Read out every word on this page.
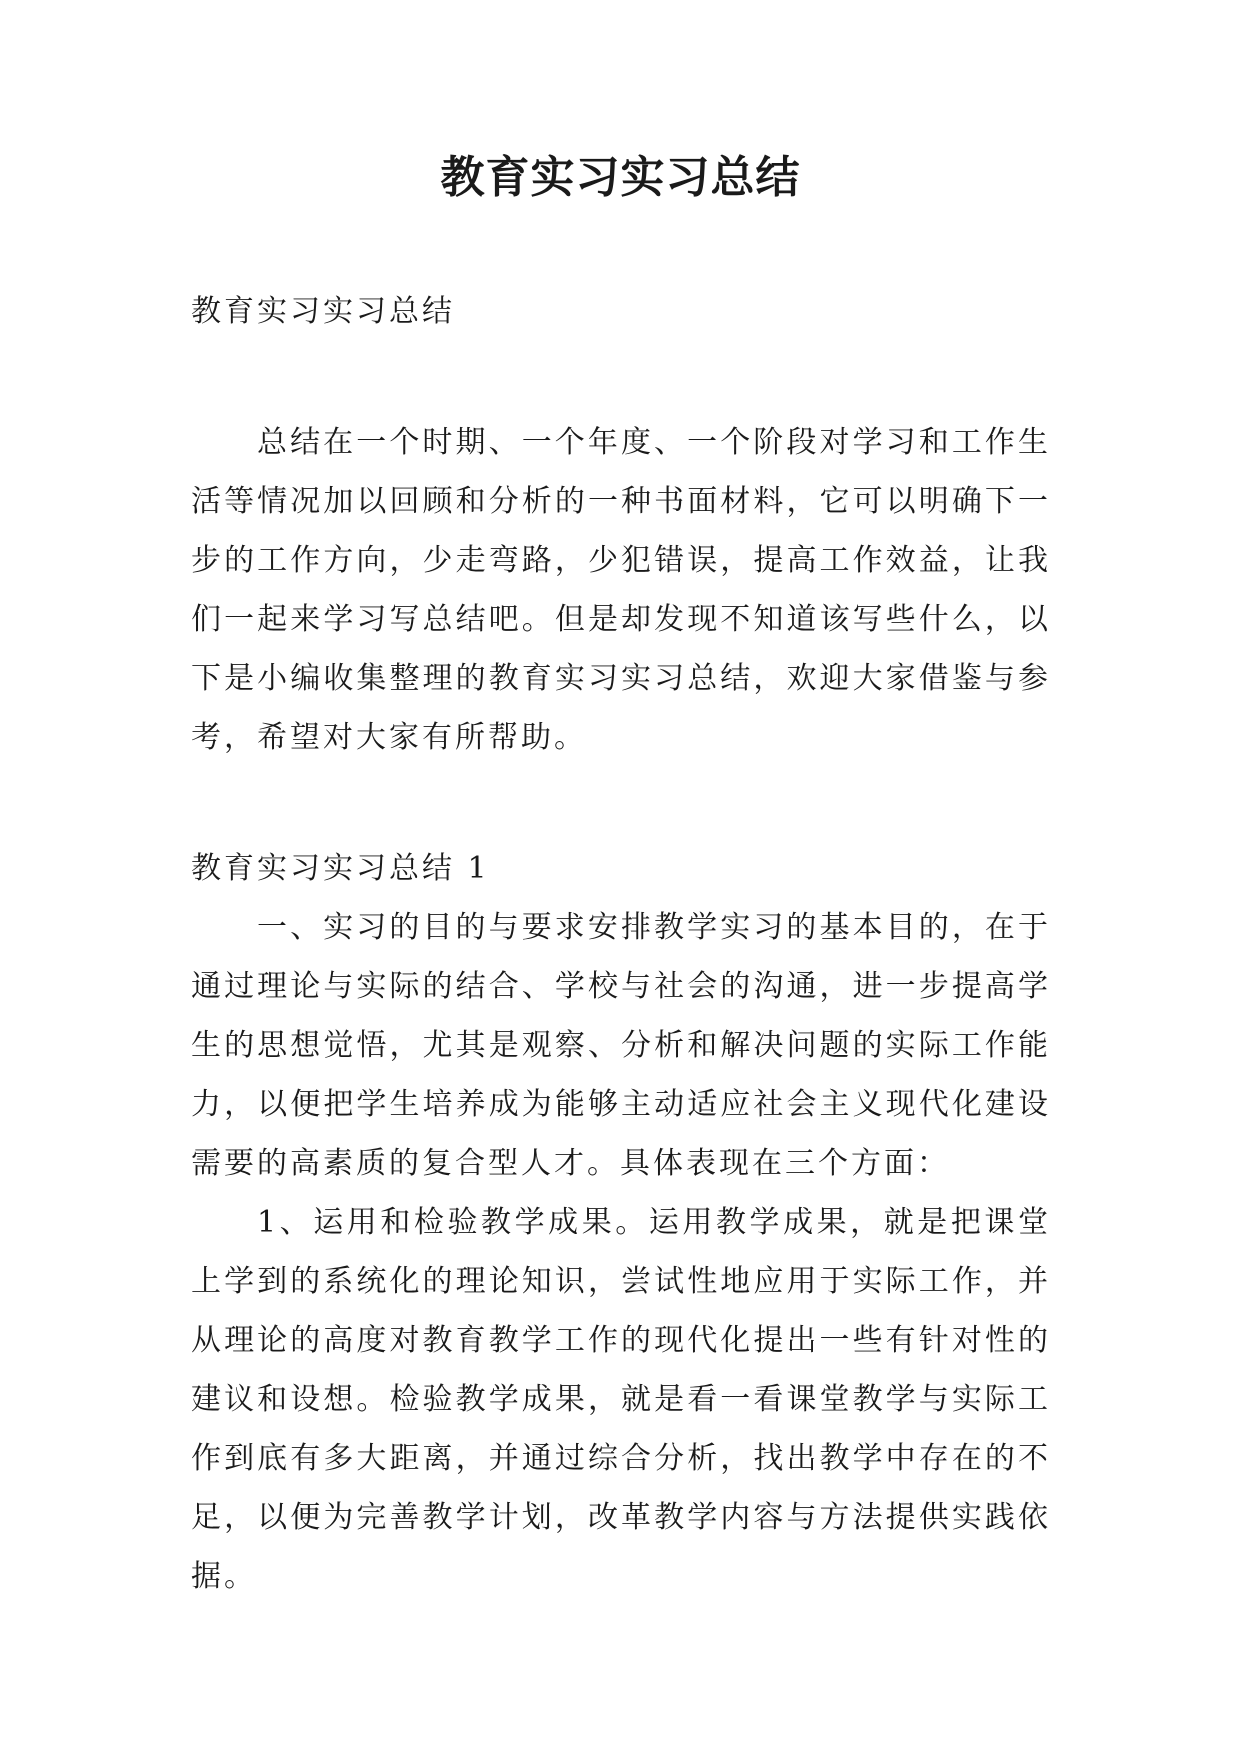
教育实习实习总结

教育实习实习总结

总结在一个时期、一个年度、一个阶段对学习和工作生活等情况加以回顾和分析的一种书面材料，它可以明确下一步的工作方向，少走弯路，少犯错误，提高工作效益，让我们一起来学习写总结吧。但是却发现不知道该写些什么，以下是小编收集整理的教育实习实习总结，欢迎大家借鉴与参考，希望对大家有所帮助。

教育实习实习总结 1

一、实习的目的与要求安排教学实习的基本目的，在于通过理论与实际的结合、学校与社会的沟通，进一步提高学生的思想觉悟，尤其是观察、分析和解决问题的实际工作能力，以便把学生培养成为能够主动适应社会主义现代化建设需要的高素质的复合型人才。具体表现在三个方面：

1、运用和检验教学成果。运用教学成果，就是把课堂上学到的系统化的理论知识，尝试性地应用于实际工作，并从理论的高度对教育教学工作的现代化提出一些有针对性的建议和设想。检验教学成果，就是看一看课堂教学与实际工作到底有多大距离，并通过综合分析，找出教学中存在的不足，以便为完善教学计划，改革教学内容与方法提供实践依据。
